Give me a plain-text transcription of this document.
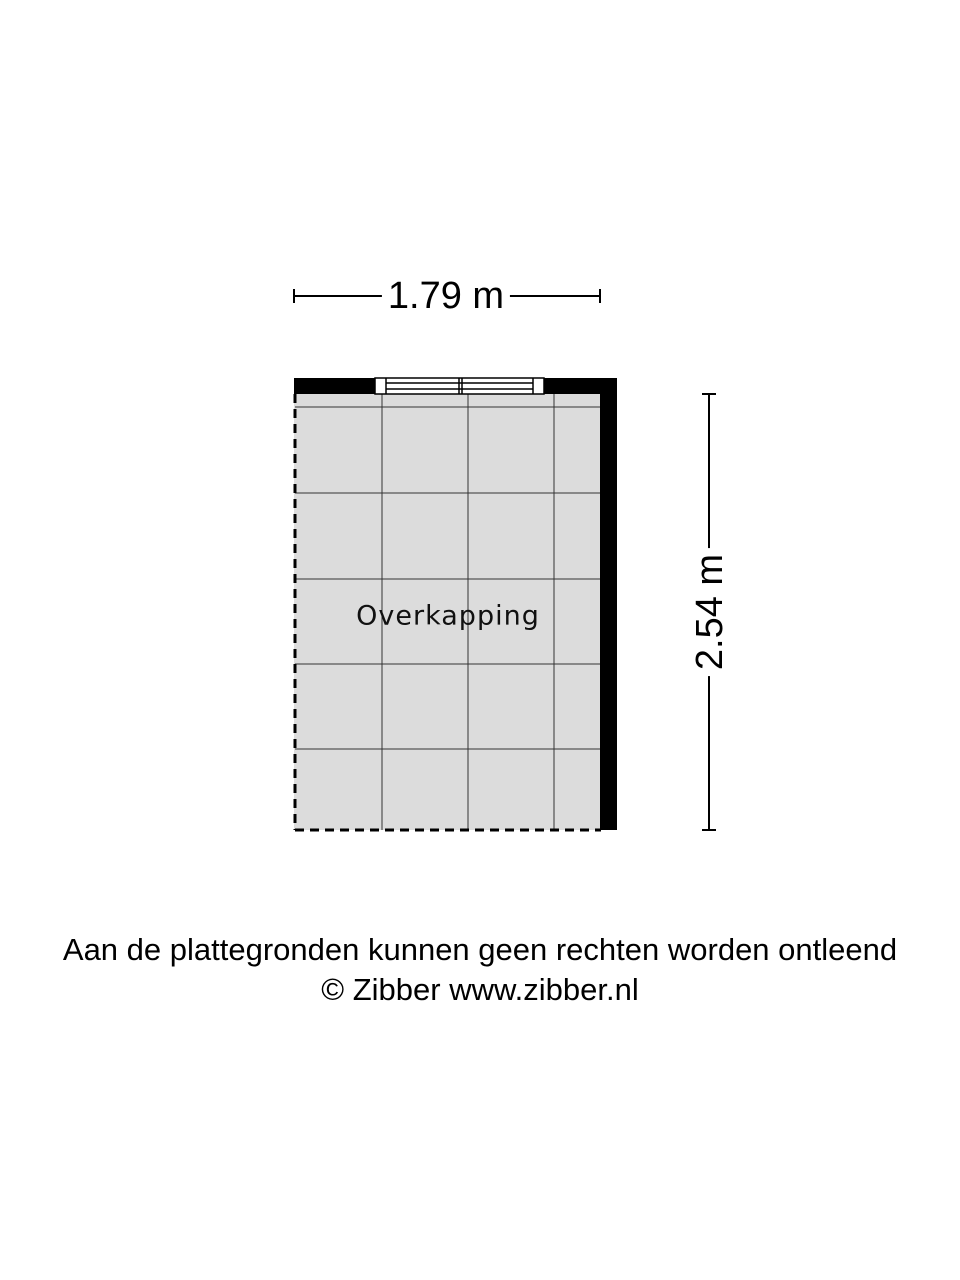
1.79 m
2.54 m
Overkapping
Aan de plattegronden kunnen geen rechten worden ontleend
© Zibber www.zibber.nl
